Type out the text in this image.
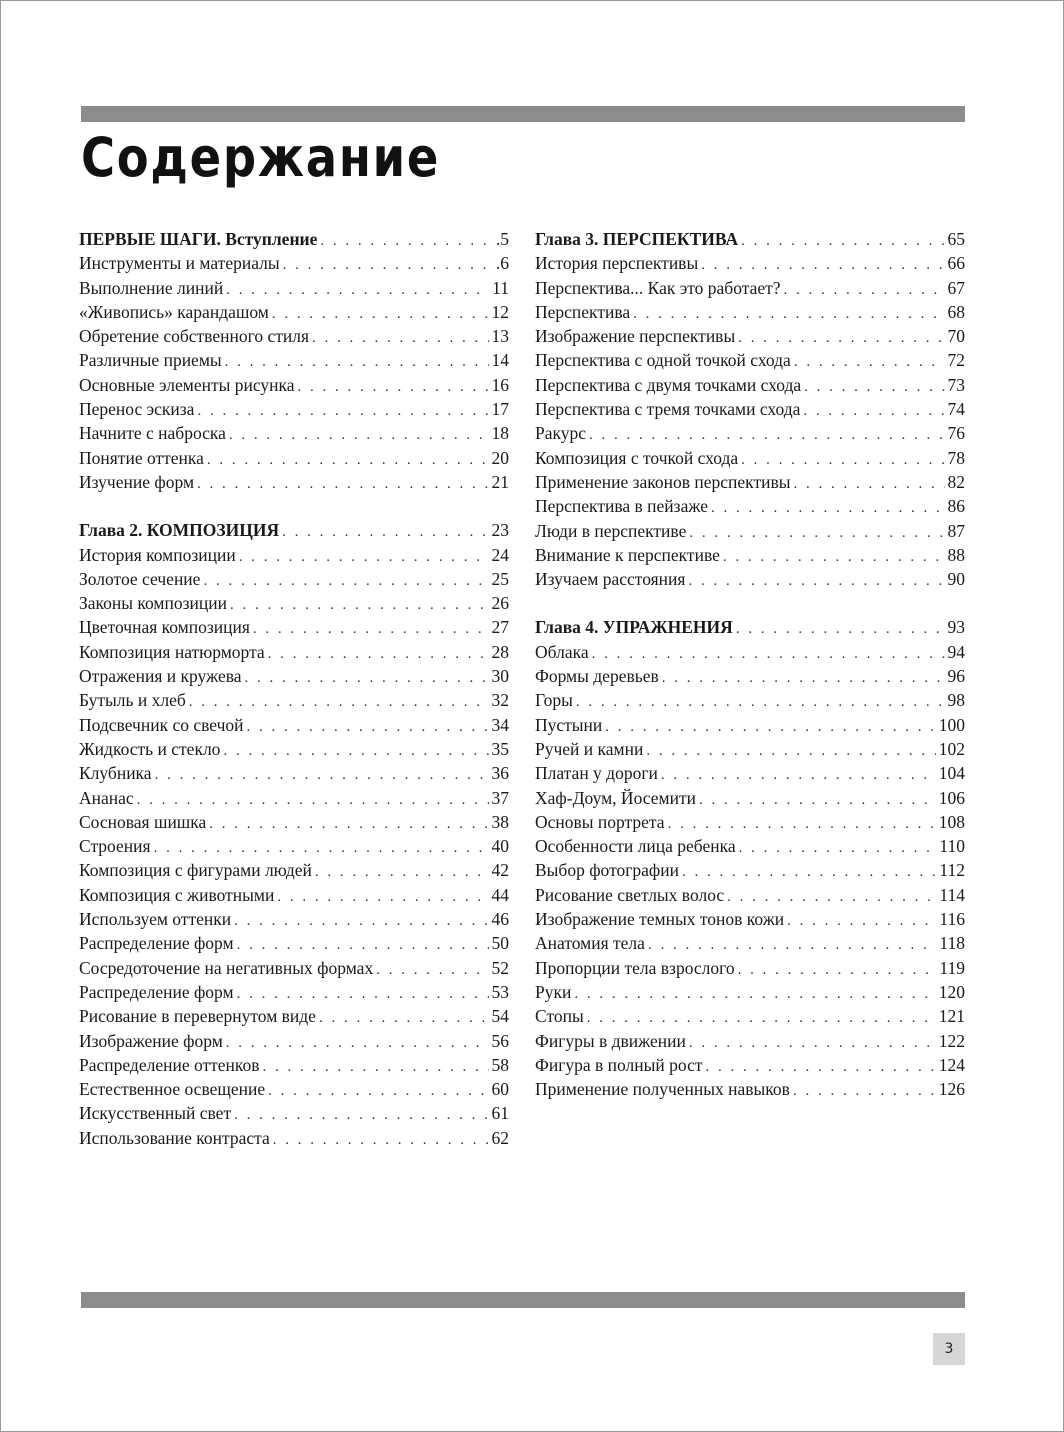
Содержание
ПЕРВЫЕ ШАГИ. Вступление . . .	.5
Инструменты и материалы . . .	.6
Выполнение линий . . .	11
«Живопись» карандашом . . .	12
Обретение собственного стиля . . .	13
Различные приемы . . .	14
Основные элементы рисунка . . .	16
Перенос эскиза . . .	17
Начните с наброска . . .	18
Понятие оттенка . . .	20
Изучение форм . . .	21
Глава 2. КОМПОЗИЦИЯ . . .	23
История композиции . . .	24
Золотое сечение . . .	25
Законы композиции . . .	26
Цветочная композиция . . .	27
Композиция натюрморта . . .	28
Отражения и кружева . . .	30
Бутыль и хлеб . . .	32
Подсвечник со свечой . . .	34
Жидкость и стекло . . .	35
Клубника . . .	36
Ананас . . .	37
Сосновая шишка . . .	38
Строения . . .	40
Композиция с фигурами людей . . .	42
Композиция с животными . . .	44
Используем оттенки . . .	46
Распределение форм . . .	50
Сосредоточение на негативных формах . . .	52
Распределение форм . . .	53
Рисование в перевернутом виде . . .	54
Изображение форм . . .	56
Распределение оттенков . . .	58
Естественное освещение . . .	60
Искусственный свет . . .	61
Использование контраста . . .	62
Глава 3. ПЕРСПЕКТИВА . . .	65
История перспективы . . .	66
Перспектива... Как это работает? . . .	67
Перспектива . . .	68
Изображение перспективы . . .	70
Перспектива с одной точкой схода . . .	72
Перспектива с двумя точками схода . . .	73
Перспектива с тремя точками схода . . .	74
Ракурс . . .	76
Композиция с точкой схода . . .	78
Применение законов перспективы . . .	82
Перспектива в пейзаже . . .	86
Люди в перспективе . . .	87
Внимание к перспективе . . .	88
Изучаем расстояния . . .	90
Глава 4. УПРАЖНЕНИЯ . . .	93
Облака . . .	94
Формы деревьев . . .	96
Горы . . .	98
Пустыни . . .	100
Ручей и камни . . .	102
Платан у дороги . . .	104
Хаф-Доум, Йосемити . . .	106
Основы портрета . . .	108
Особенности лица ребенка . . .	110
Выбор фотографии . . .	112
Рисование светлых волос . . .	114
Изображение темных тонов кожи . . .	116
Анатомия тела . . .	118
Пропорции тела взрослого . . .	119
Руки . . .	120
Стопы . . .	121
Фигуры в движении . . .	122
Фигура в полный рост . . .	124
Применение полученных навыков . . .	126
3
